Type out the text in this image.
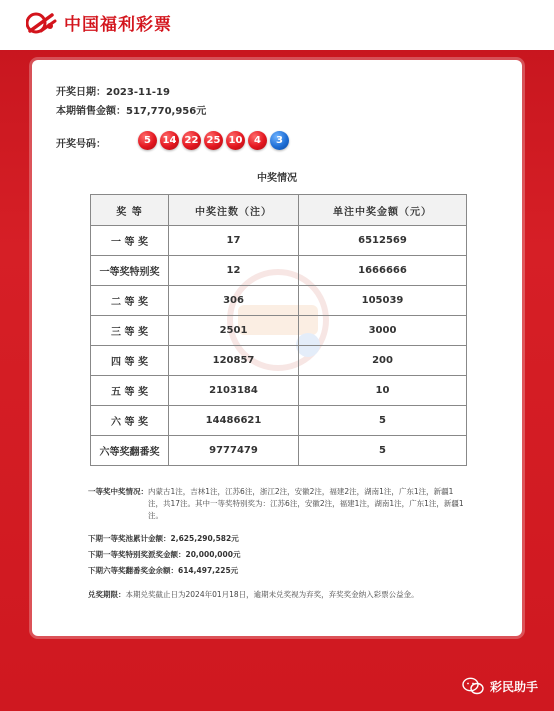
中国福利彩票
开奖日期：2023-11-19
本期销售金额：517,770,956元
开奖号码：	5	14 22 25 10	4	3
中奖情况
奖 等	中奖注数（注）	单注中奖金额（元）
一 等 奖	17	6512569
一等奖特别奖	12	1666666
二 等 奖	306	105039
三 等 奖	2501	3000
四 等 奖	120857	200
五 等 奖	2103184	10
六 等 奖	14486621	5
六等奖翻番奖	9777479	5
一等奖中奖情况： 内蒙古1注，吉林1注，江苏6注，浙江2注，安徽2注，福建2注，湖南1注，广东1注，新疆1注，共17注。其中一等奖特别奖为：江苏6注，安徽2注，福建1注，湖南1注，广东1注，新疆1注。
下期一等奖池累计金额：2,625,290,582元
下期一等奖特别奖派奖金额：20,000,000元
下期六等奖翻番奖金余额：614,497,225元
兑奖期限： 本期兑奖截止日为2024年01月18日，逾期未兑奖视为弃奖，弃奖奖金纳入彩票公益金。
彩民助手
